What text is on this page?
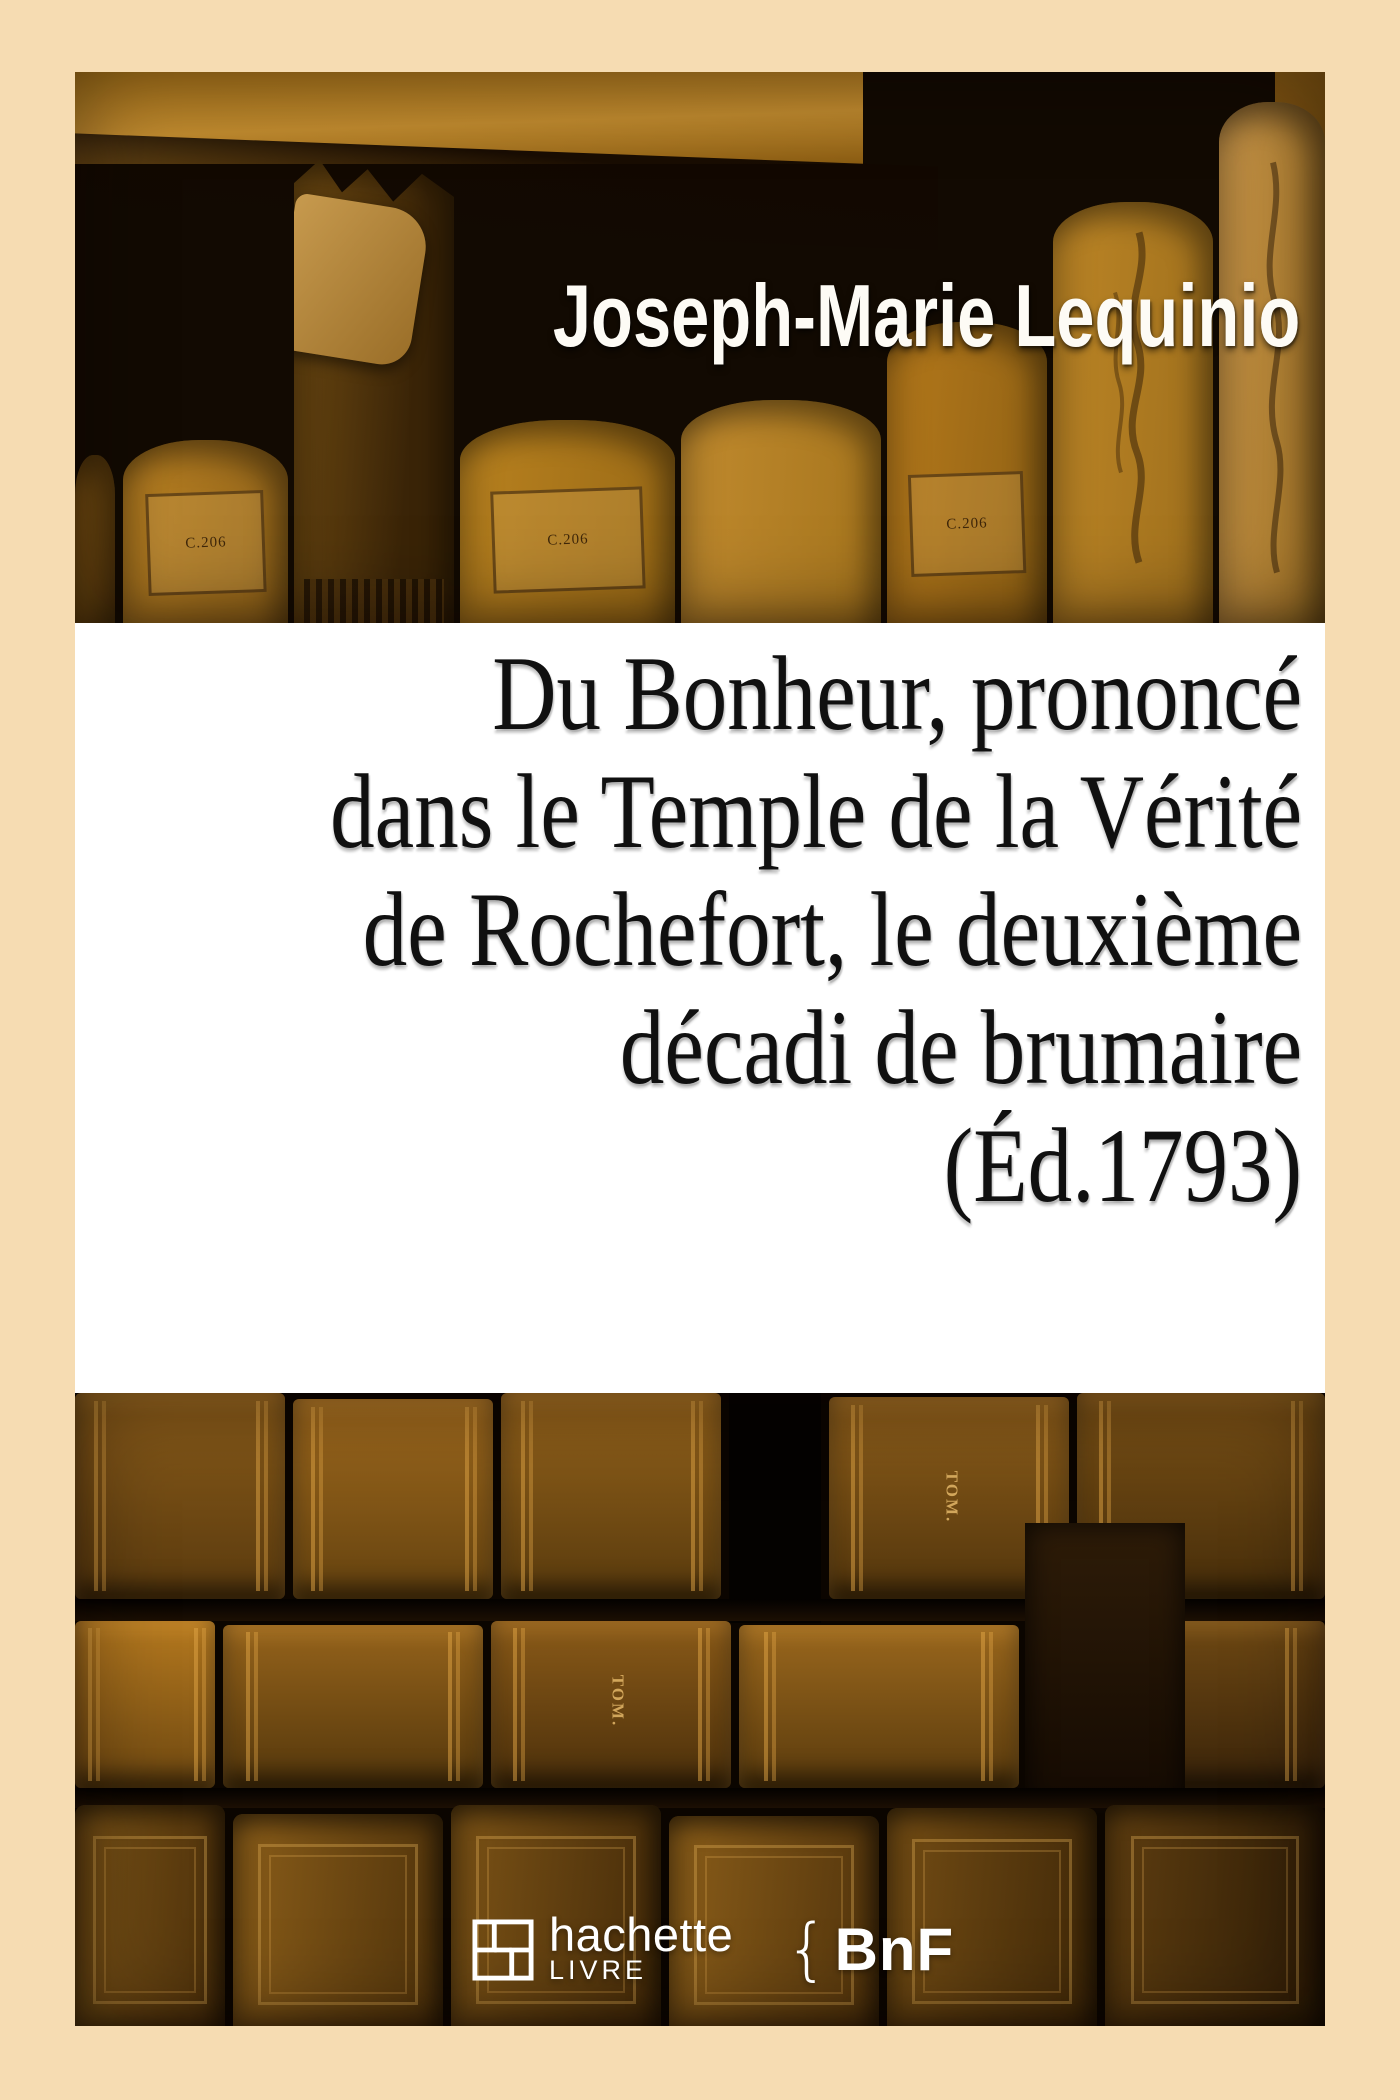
C.206	C.206
C.206
Joseph-Marie Lequinio
Du Bonheur, prononcé
dans le Temple de la Vérité
de Rochefort, le deuxième
décadi de brumaire
(Éd.1793)
TOM.
TOM.
hachette
LIVRE	{ BnF
